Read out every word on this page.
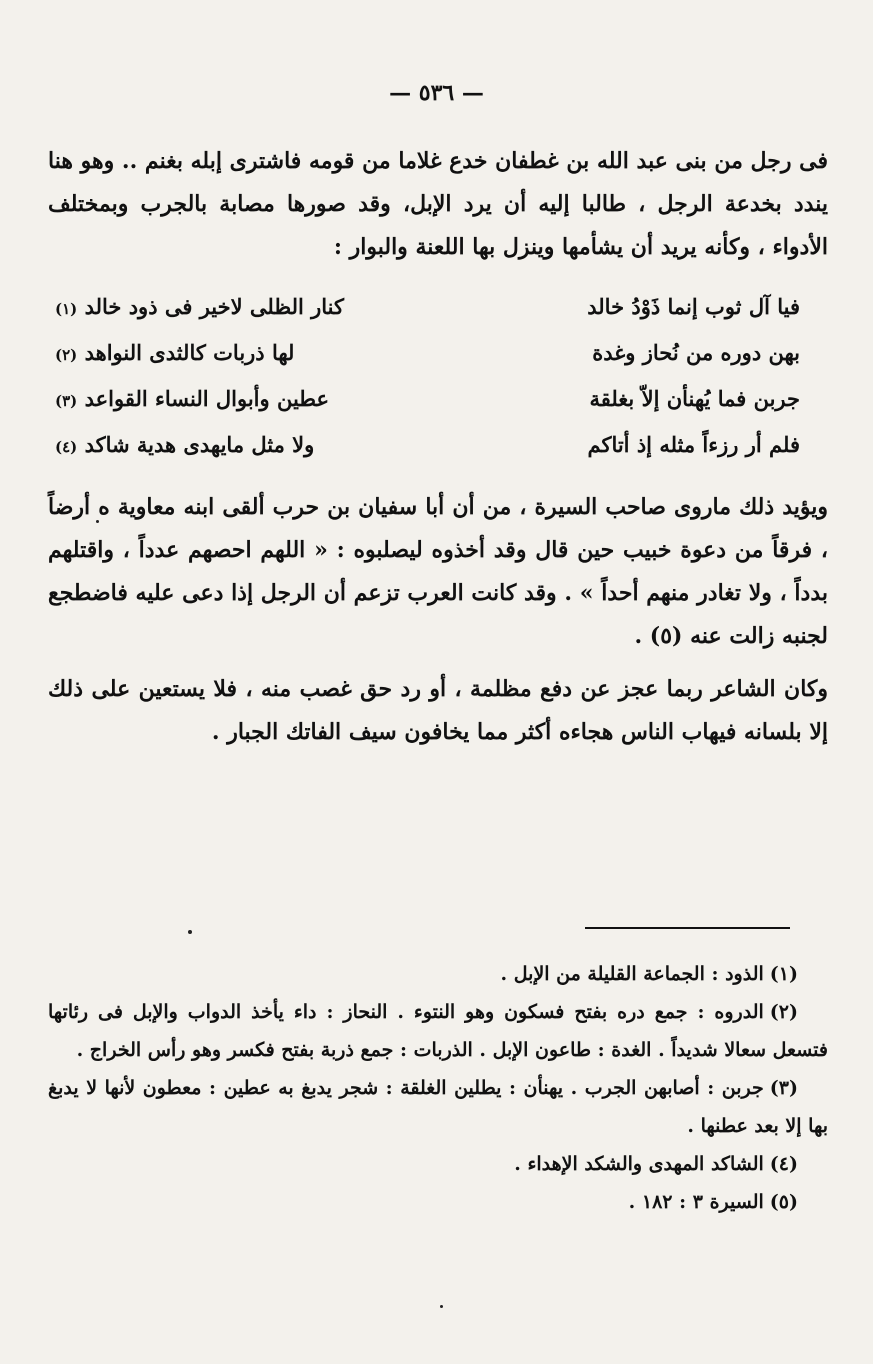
— ٥٣٦ —
فى رجل من بنى عبد الله بن غطفان خدع غلاما من قومه فاشترى إبله بغنم .. وهو هنا يندد بخدعة الرجل ، طالبا إليه أن يرد الإبل، وقد صورها مصابة بالجرب وبمختلف الأدواء ، وكأنه يريد أن يشأمها وينزل بها اللعنة والبوار :
فيا آل ثوب إنما ذَوْدُ خالد
كنار الظلى لاخير فى ذود خالد (١)
بهن دوره من نُحاز وغدة
لها ذربات كالثدى النواهد (٢)
جربن فما يُهنأن إلاّ بغلقة
عطين وأبوال النساء القواعد (٣)
فلم أر رزءاً مثله إذ أتاكم
ولا مثل مايهدى هدية شاكد (٤)
ويؤيد ذلك ماروى صاحب السيرة ، من أن أبا سفيان بن حرب ألقى ابنه معاوية ه أرضاً ، فرقاً من دعوة خبيب حين قال وقد أخذوه ليصلبوه : « اللهم احصهم عدداً ، واقتلهم بدداً ، ولا تغادر منهم أحداً » . وقد كانت العرب تزعم أن الرجل إذا دعى عليه فاضطجع لجنبه زالت عنه (٥) .
وكان الشاعر ربما عجز عن دفع مظلمة ، أو رد حق غصب منه ، فلا يستعين على ذلك إلا بلسانه فيهاب الناس هجاءه أكثر مما يخافون سيف الفاتك الجبار .
(١)الذود : الجماعة القليلة من الإبل .
(٢)الدروه : جمع دره بفتح فسكون وهو النتوء . النحاز : داء يأخذ الدواب والإبل فى رئاتها فتسعل سعالا شديداً . الغدة : طاعون الإبل . الذربات : جمع ذربة بفتح فكسر وهو رأس الخراج .
(٣)جربن : أصابهن الجرب . يهنأن : يطلين الغلقة : شجر يدبغ به عطين : معطون لأنها لا يدبغ بها إلا بعد عطنها .
(٤)الشاكد المهدى والشكد الإهداء .
(٥)السيرة ٣ : ١٨٢ .
